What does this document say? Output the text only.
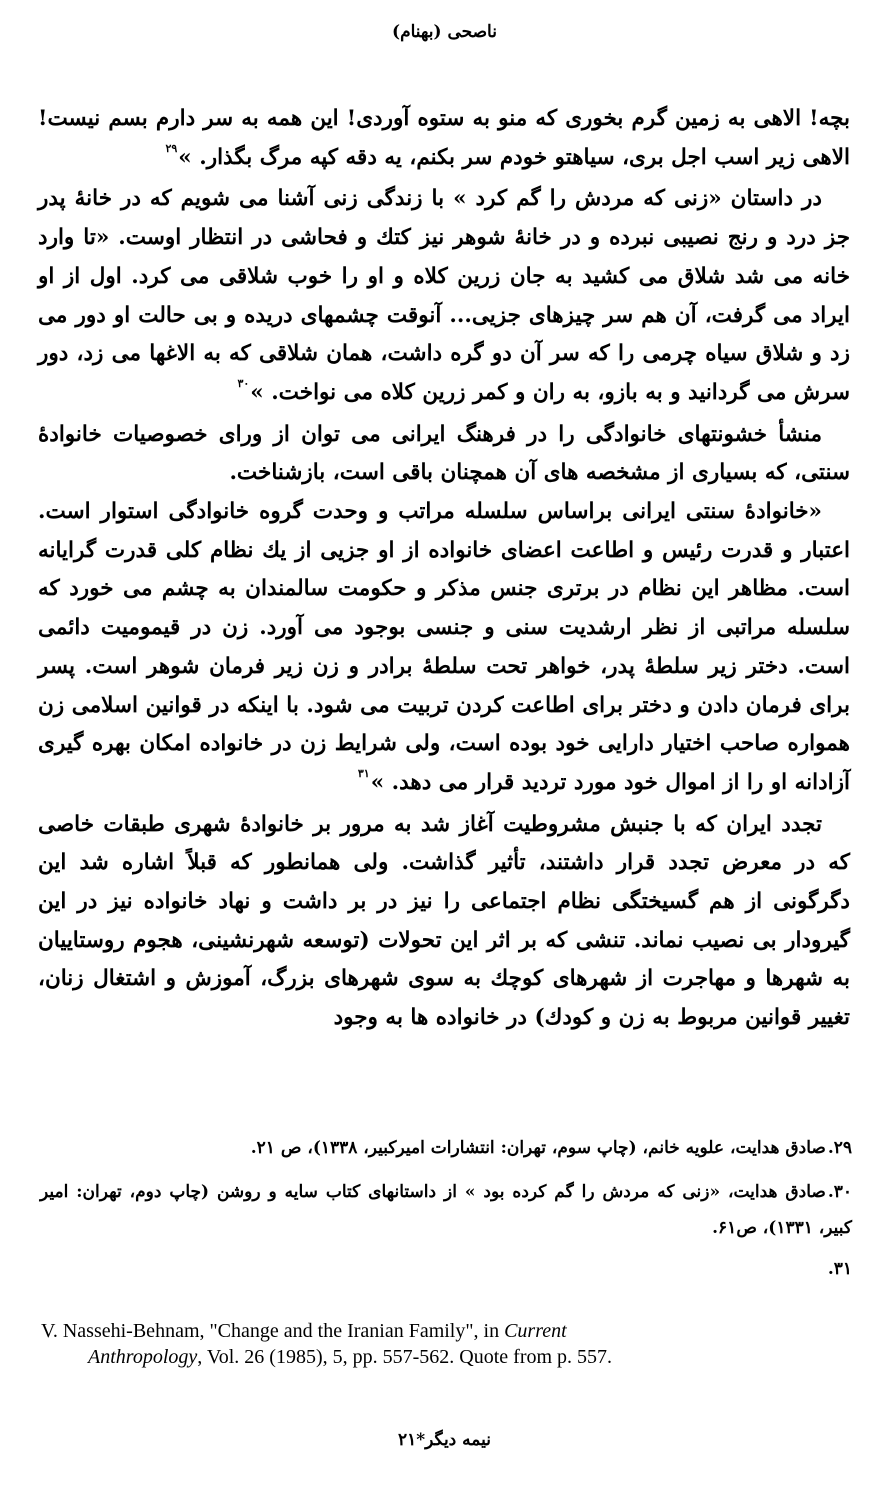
ناصحی (بهنام)

بچه! الاهی به زمین گرم بخوری که منو به ستوه آوردی! این همه به سر دارم بسم نیست! الاهی زیر اسب اجل بری، سیاهتو خودم سر بکنم، یه دقه کپه مرگ بگذار. »$^{۲۹}$

در داستان «زنی که مردش را گم کرد » با زندگی زنی آشنا می شویم که در خانهٔ پدر جز درد و رنج نصیبی نبرده و در خانهٔ شوهر نیز کتك و فحاشی در انتظار اوست. «تا وارد خانه می شد شلاق می کشید به جان زرین کلاه و او را خوب شلاقی می کرد. اول از او ایراد می گرفت، آن هم سر چیزهای جزیی... آنوقت چشمهای دریده و بی حالت او دور می زد و شلاق سیاه چرمی را که سر آن دو گره داشت، همان شلاقی که به الاغها می زد، دور سرش می گردانید و به بازو، به ران و کمر زرین کلاه می نواخت. »$^{۳۰}$

منشأ خشونتهای خانوادگی را در فرهنگ ایرانی می توان از ورای خصوصیات خانوادهٔ سنتی، که بسیاری از مشخصه های آن همچنان باقی است، بازشناخت.

«خانوادهٔ سنتی ایرانی براساس سلسله مراتب و وحدت گروه خانوادگی استوار است. اعتبار و قدرت رئیس و اطاعت اعضای خانواده از او جزیی از یك نظام کلی قدرت گرایانه است. مظاهر این نظام در برتری جنس مذکر و حکومت سالمندان به چشم می خورد که سلسله مراتبی از نظر ارشدیت سنی و جنسی بوجود می آورد. زن در قیمومیت دائمی است. دختر زیر سلطهٔ پدر، خواهر تحت سلطهٔ برادر و زن زیر فرمان شوهر است. پسر برای فرمان دادن و دختر برای اطاعت کردن تربیت می شود. با اینکه در قوانین اسلامی زن همواره صاحب اختیار دارایی خود بوده است، ولی شرایط زن در خانواده امکان بهره گیری آزادانه او را از اموال خود مورد تردید قرار می دهد. »$^{۳۱}$

تجدد ایران که با جنبش مشروطیت آغاز شد به مرور بر خانوادهٔ شهری طبقات خاصی که در معرض تجدد قرار داشتند، تأثیر گذاشت. ولی همانطور که قبلاً اشاره شد این دگرگونی از هم گسیختگی نظام اجتماعی را نیز در بر داشت و نهاد خانواده نیز در این گیرودار بی نصیب نماند. تنشی که بر اثر این تحولات (توسعه شهرنشینی، هجوم روستاییان به شهرها و مهاجرت از شهرهای کوچك به سوی شهرهای بزرگ، آموزش و اشتغال زنان، تغییر قوانین مربوط به زن و کودك) در خانواده ها به وجود

۲۹.صادق هدایت، علویه خانم، (چاپ سوم، تهران: انتشارات امیرکبیر، ۱۳۳۸)، ص ۲۱.

۳۰.صادق هدایت، «زنی که مردش را گم کرده بود » از داستانهای کتاب سایه و روشن (چاپ دوم، تهران: امیر کبیر، ۱۳۳۱)، ص۶۱.

۳۱.

V. Nassehi-Behnam, "Change and the Iranian Family", in Current
Anthropology, Vol. 26 (1985), 5, pp. 557-562. Quote from p. 557.
نیمه دیگر*۲۱
